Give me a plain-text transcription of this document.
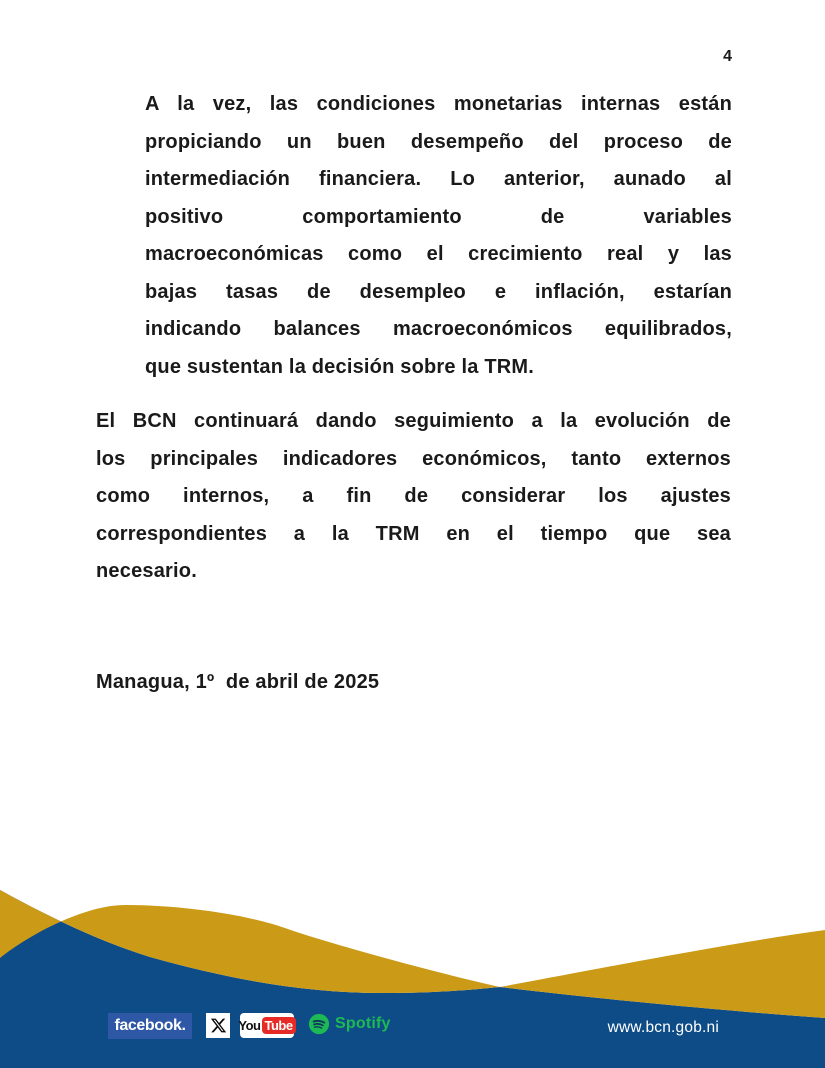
4
A la vez, las condiciones monetarias internas están
propiciando un buen desempeño del proceso de
intermediación financiera. Lo anterior, aunado al
positivo comportamiento de variables
macroeconómicas como el crecimiento real y las
bajas tasas de desempleo e inflación, estarían
indicando balances macroeconómicos equilibrados,
que sustentan la decisión sobre la TRM.
El BCN continuará dando seguimiento a la evolución de
los principales indicadores económicos, tanto externos
como internos, a fin de considerar los ajustes
correspondientes a la TRM en el tiempo que sea
necesario.
Managua, 1º  de abril de 2025
facebook.	You Tube	Spotify	www.bcn.gob.ni
